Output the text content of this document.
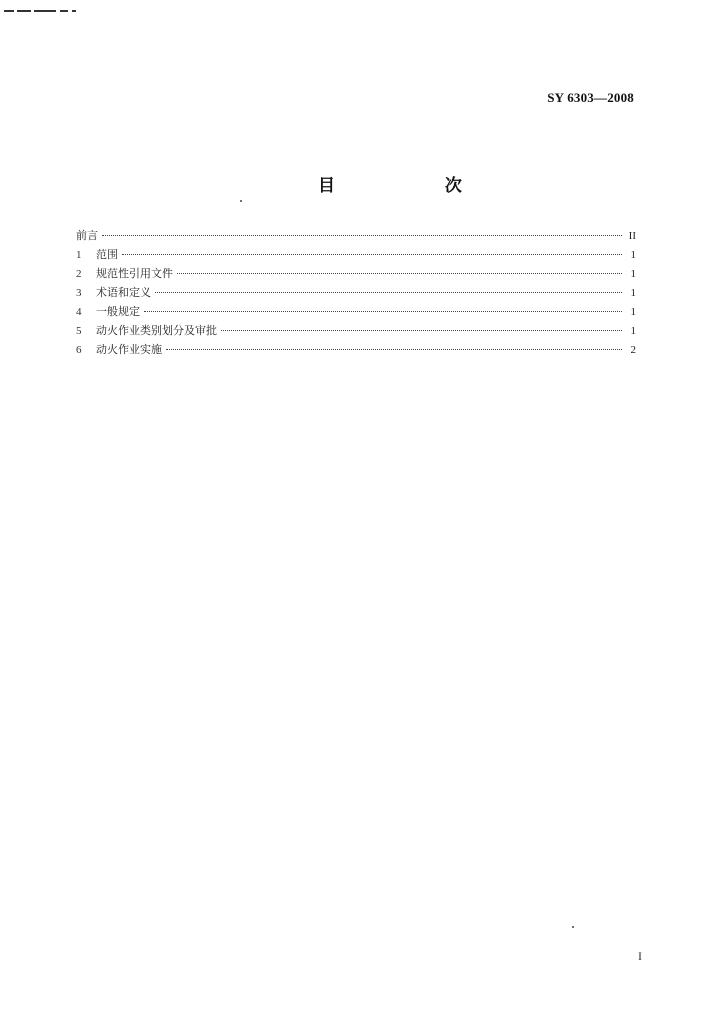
SY 6303—2008
目 次
前言	II
1	范围	1
2	规范性引用文件	1
3	术语和定义	1
4	一般规定	1
5	动火作业类别划分及审批	1
6	动火作业实施	2
I
